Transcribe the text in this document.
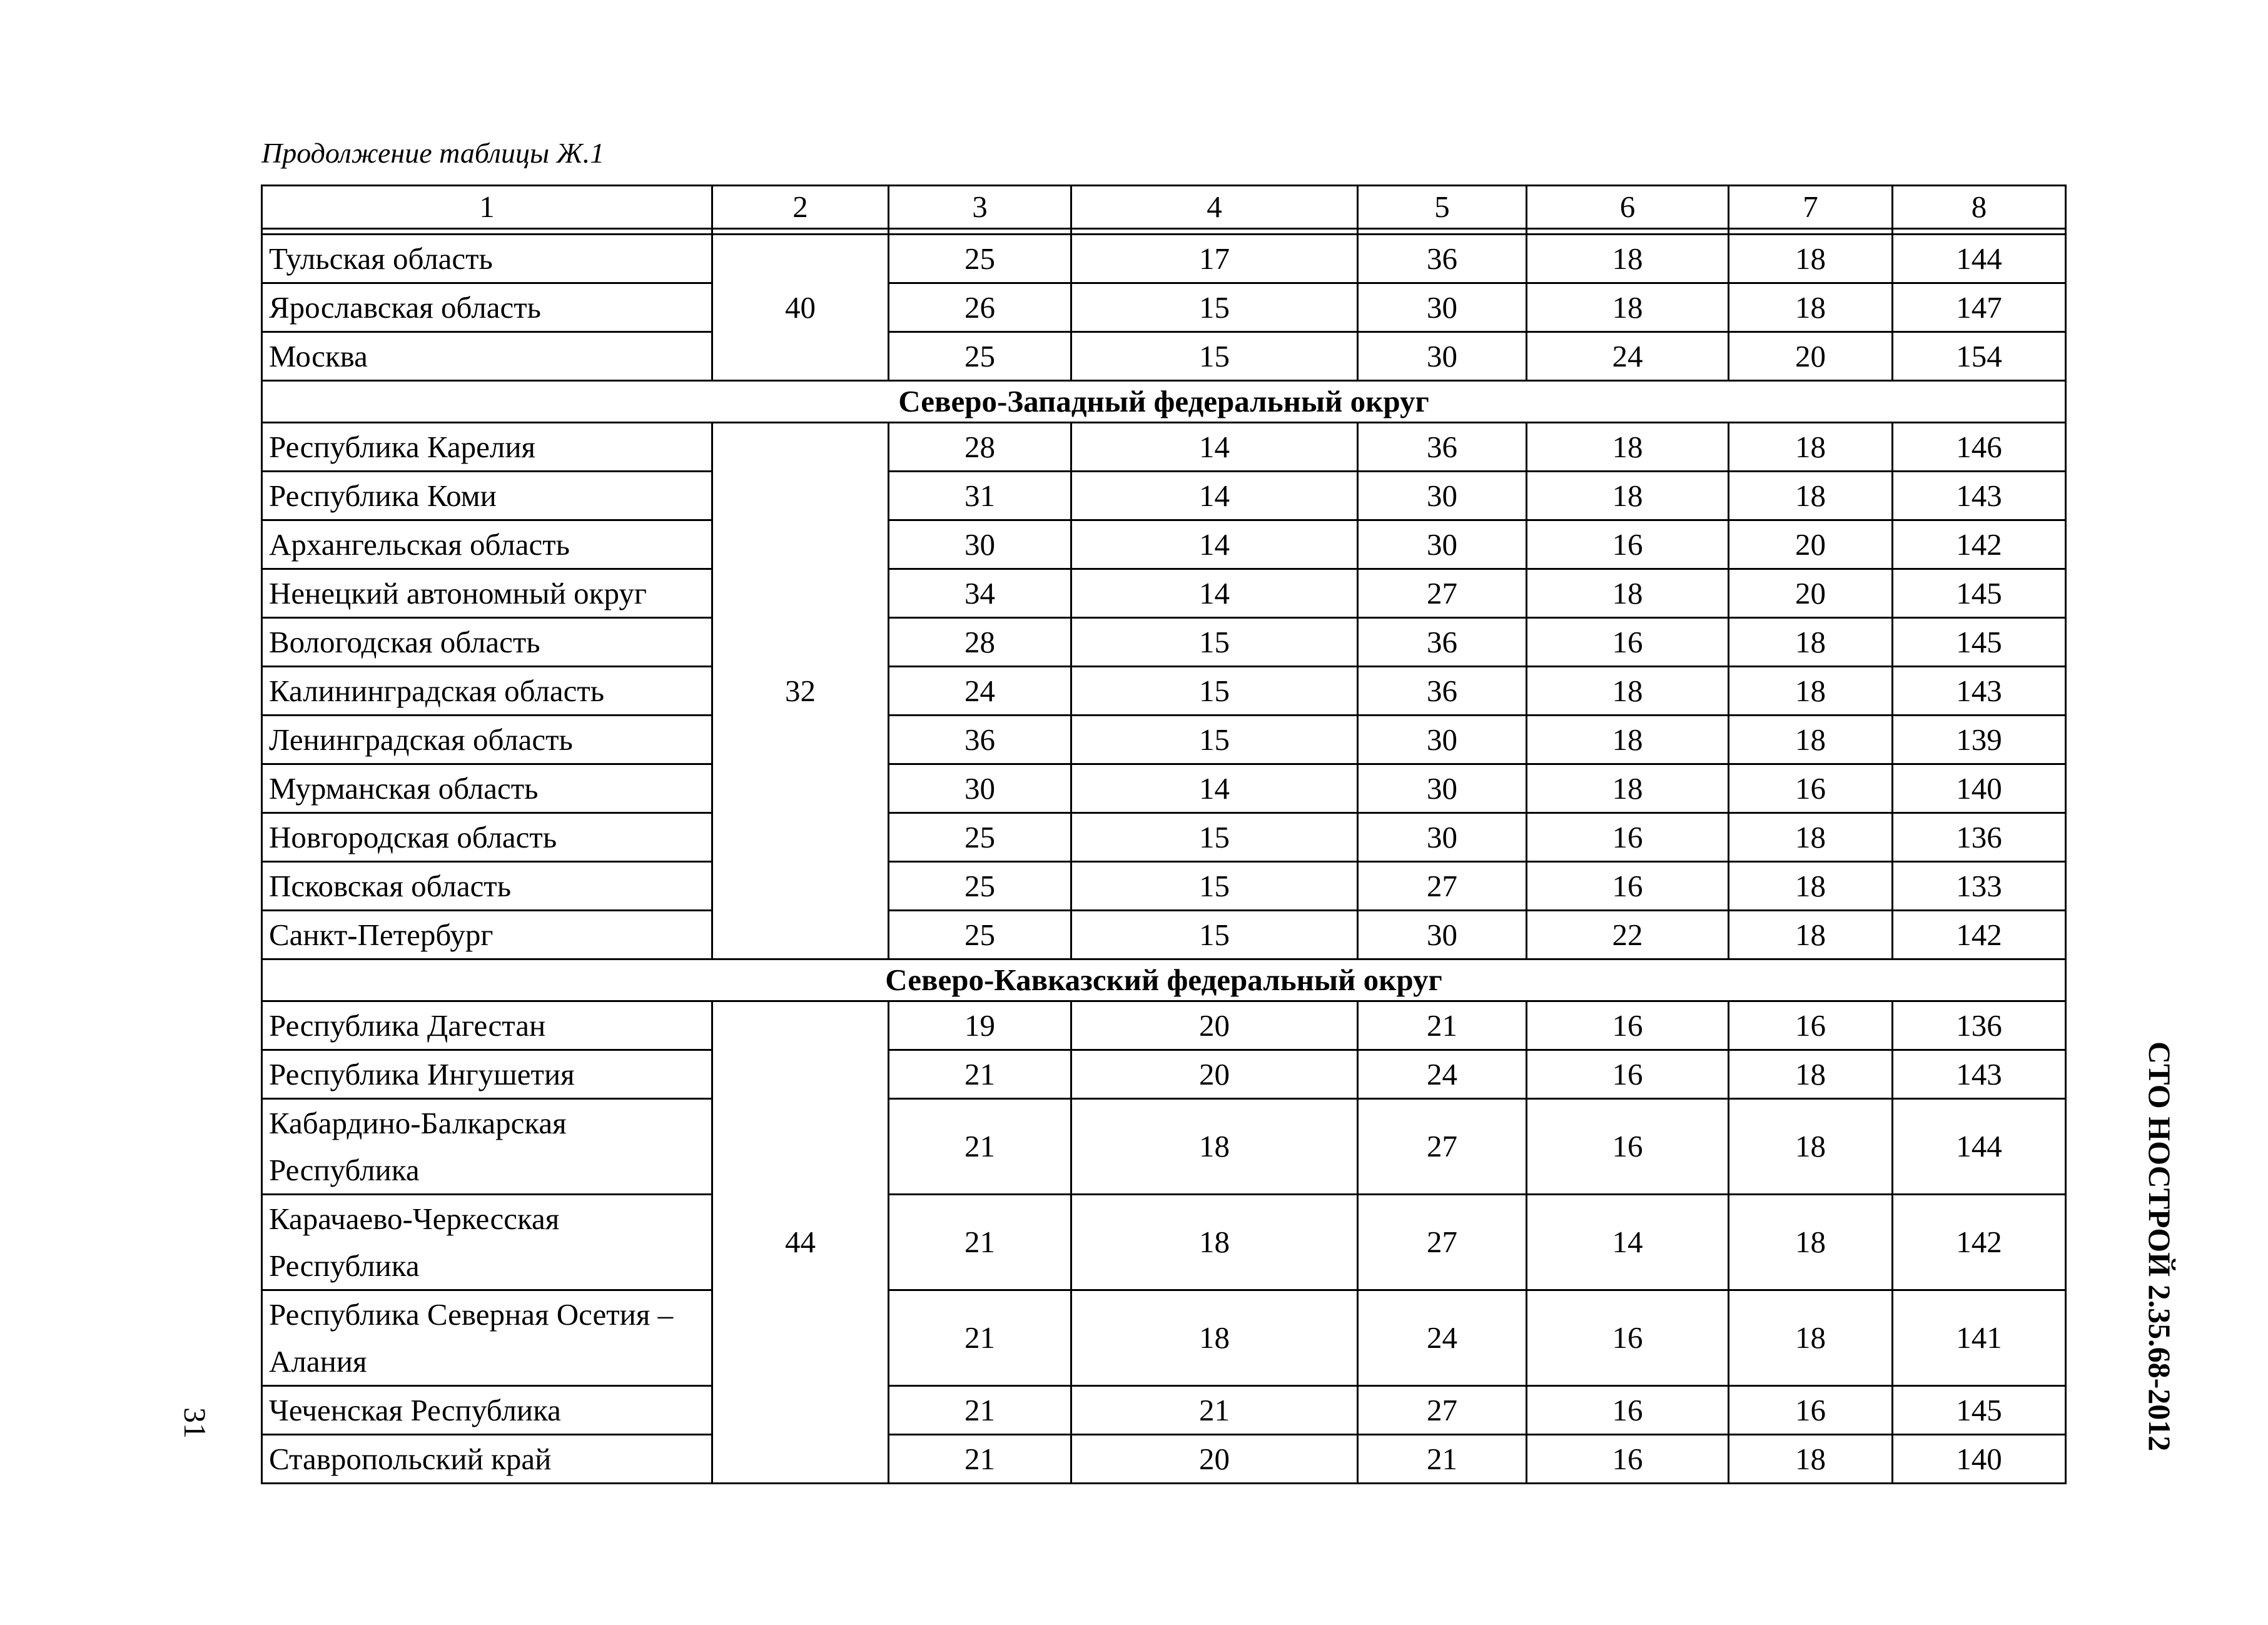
Продолжение таблицы Ж.1
1	2	3	4	5	6	7	8

Тульская область	40	25	17	36	18	18	144
Ярославская область		26	15	30	18	18	147
Москва		25	15	30	24	20	154
Северо-Западный федеральный округ							
Республика Карелия	32	28	14	36	18	18	146
Республика Коми		31	14	30	18	18	143
Архангельская область		30	14	30	16	20	142
Ненецкий автономный округ		34	14	27	18	20	145
Вологодская область		28	15	36	16	18	145
Калининградская область		24	15	36	18	18	143
Ленинградская область		36	15	30	18	18	139
Мурманская область		30	14	30	18	16	140
Новгородская область		25	15	30	16	18	136
Псковская область		25	15	27	16	18	133
Санкт-Петербург		25	15	30	22	18	142
Северо-Кавказский федеральный округ							
Республика Дагестан	44	19	20	21	16	16	136
Республика Ингушетия		21	20	24	16	18	143
Кабардино-Балкарская Республика		21	18	27	16	18	144
Карачаево-Черкесская Республика		21	18	27	14	18	142
Республика Северная Осетия – Алания		21	18	24	16	18	141
Чеченская Республика		21	21	27	16	16	145
Ставропольский край		21	20	21	16	18	140
СТО НОСТРОЙ 2.35.68-2012
31
